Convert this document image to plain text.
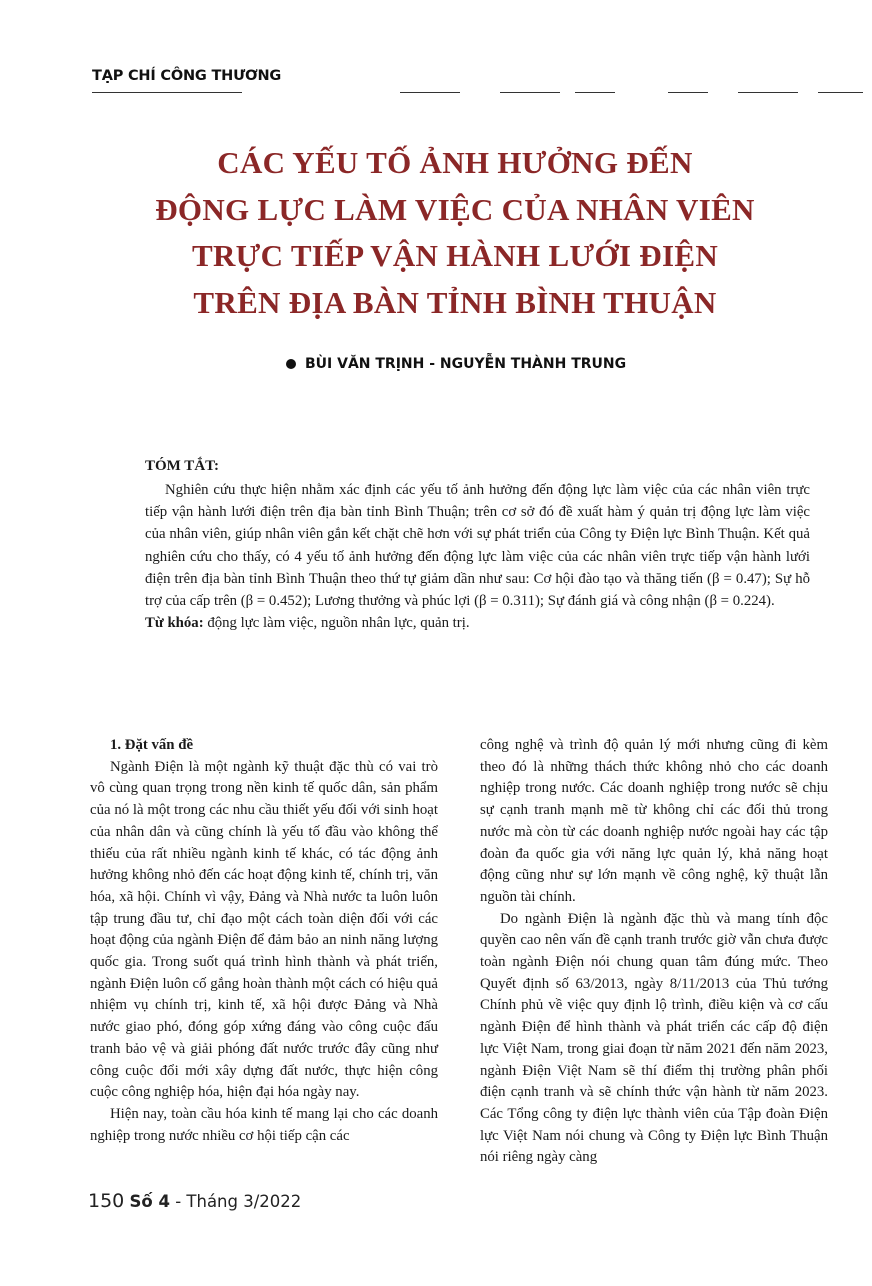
TẠP CHÍ CÔNG THƯƠNG
CÁC YẾU TỐ ẢNH HƯỞNG ĐẾN
ĐỘNG LỰC LÀM VIỆC CỦA NHÂN VIÊN
TRỰC TIẾP VẬN HÀNH LƯỚI ĐIỆN
TRÊN ĐỊA BÀN TỈNH BÌNH THUẬN
BÙI VĂN TRỊNH - NGUYỄN THÀNH TRUNG
TÓM TẮT:

Nghiên cứu thực hiện nhằm xác định các yếu tố ảnh hưởng đến động lực làm việc của các nhân viên trực tiếp vận hành lưới điện trên địa bàn tỉnh Bình Thuận; trên cơ sở đó đề xuất hàm ý quản trị động lực làm việc của nhân viên, giúp nhân viên gắn kết chặt chẽ hơn với sự phát triển của Công ty Điện lực Bình Thuận. Kết quả nghiên cứu cho thấy, có 4 yếu tố ảnh hưởng đến động lực làm việc của các nhân viên trực tiếp vận hành lưới điện trên địa bàn tỉnh Bình Thuận theo thứ tự giảm dần như sau: Cơ hội đào tạo và thăng tiến (β = 0.47); Sự hỗ trợ của cấp trên (β = 0.452); Lương thưởng và phúc lợi (β = 0.311); Sự đánh giá và công nhận (β = 0.224).

Từ khóa: động lực làm việc, nguồn nhân lực, quản trị.

1. Đặt vấn đề

Ngành Điện là một ngành kỹ thuật đặc thù có vai trò vô cùng quan trọng trong nền kinh tế quốc dân, sản phẩm của nó là một trong các nhu cầu thiết yếu đối với sinh hoạt của nhân dân và cũng chính là yếu tố đầu vào không thể thiếu của rất nhiều ngành kinh tế khác, có tác động ảnh hưởng không nhỏ đến các hoạt động kinh tế, chính trị, văn hóa, xã hội. Chính vì vậy, Đảng và Nhà nước ta luôn luôn tập trung đầu tư, chỉ đạo một cách toàn diện đối với các hoạt động của ngành Điện để đảm bảo an ninh năng lượng quốc gia. Trong suốt quá trình hình thành và phát triển, ngành Điện luôn cố gắng hoàn thành một cách có hiệu quả nhiệm vụ chính trị, kinh tế, xã hội được Đảng và Nhà nước giao phó, đóng góp xứng đáng vào công cuộc đấu tranh bảo vệ và giải phóng đất nước trước đây cũng như công cuộc đổi mới xây dựng đất nước, thực hiện công cuộc công nghiệp hóa, hiện đại hóa ngày nay.

Hiện nay, toàn cầu hóa kinh tế mang lại cho các doanh nghiệp trong nước nhiều cơ hội tiếp cận các

công nghệ và trình độ quản lý mới nhưng cũng đi kèm theo đó là những thách thức không nhỏ cho các doanh nghiệp trong nước. Các doanh nghiệp trong nước sẽ chịu sự cạnh tranh mạnh mẽ từ không chỉ các đối thủ trong nước mà còn từ các doanh nghiệp nước ngoài hay các tập đoàn đa quốc gia với năng lực quản lý, khả năng hoạt động cũng như sự lớn mạnh về công nghệ, kỹ thuật lẫn nguồn tài chính.

Do ngành Điện là ngành đặc thù và mang tính độc quyền cao nên vấn đề cạnh tranh trước giờ vẫn chưa được toàn ngành Điện nói chung quan tâm đúng mức. Theo Quyết định số 63/2013, ngày 8/11/2013 của Thủ tướng Chính phủ về việc quy định lộ trình, điều kiện và cơ cấu ngành Điện để hình thành và phát triển các cấp độ điện lực Việt Nam, trong giai đoạn từ năm 2021 đến năm 2023, ngành Điện Việt Nam sẽ thí điểm thị trường phân phối điện cạnh tranh và sẽ chính thức vận hành từ năm 2023. Các Tổng công ty điện lực thành viên của Tập đoàn Điện lực Việt Nam nói chung và Công ty Điện lực Bình Thuận nói riêng ngày càng

150 Số 4 - Tháng 3/2022
